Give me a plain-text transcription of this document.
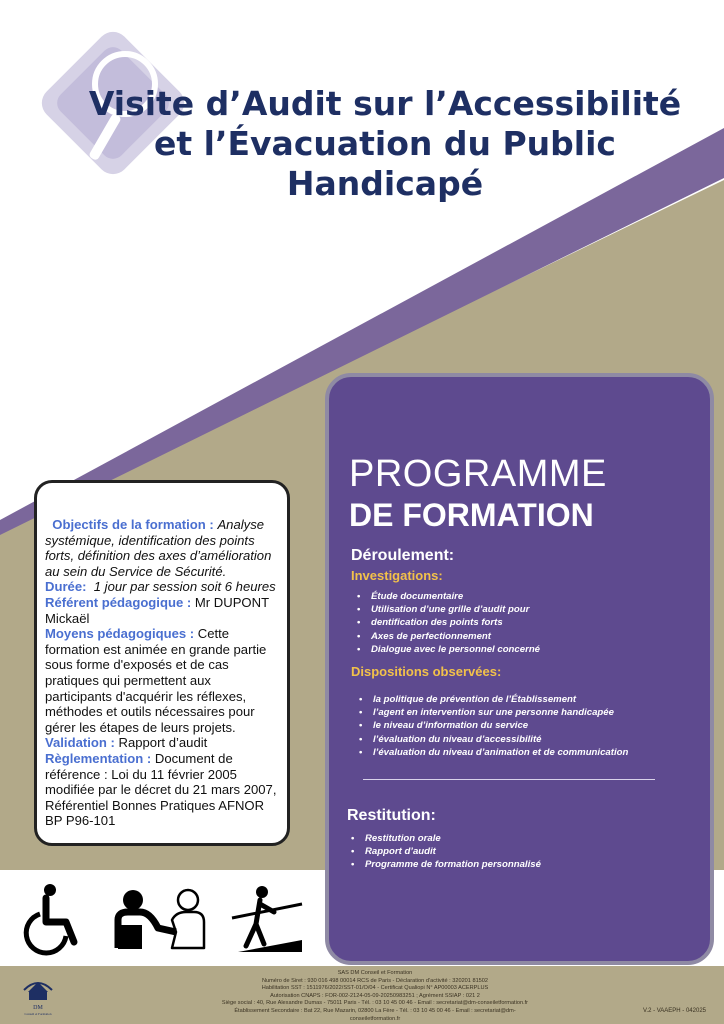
Visite d’Audit sur l’Accessibilité
et l’Évacuation du Public
Handicapé

Objectifs de la formation : Analyse systémique, identification des points forts, définition des axes d’amélioration au sein du Service de Sécurité.

Durée: 1 jour par session soit 6 heures

Référent pédagogique : Mr DUPONT Mickaël

Moyens pédagogiques : Cette formation est animée en grande partie sous forme d'exposés et de cas pratiques qui permettent aux participants d'acquérir les réflexes, méthodes et outils nécessaires pour gérer les étapes de leurs projets.

Validation : Rapport d’audit

Règlementation : Document de référence : Loi du 11 février 2005 modifiée par le décret du 21 mars 2007, Référentiel Bonnes Pratiques AFNOR BP P96-101

PROGRAMME
DE FORMATION
Déroulement:
Investigations:
• Étude documentaire
• Utilisation d’une grille d’audit pour
• dentification des points forts
• Axes de perfectionnement
• Dialogue avec le personnel concerné
Dispositions observées:
• la politique de prévention de l’Établissement
• l’agent en intervention sur une personne handicapée
• le niveau d’information du service
• l’évaluation du niveau d’accessibilité
• l’évaluation du niveau d’animation et de communication
Restitution:
• Restitution orale
• Rapport d’audit
• Programme de formation personnalisé
DM
Conseil et Formation
SAS DM Conseil et Formation
Numéro de Siret : 930 016 498 00014 RCS de Paris - Déclaration d’activité : 320201 81502
Habilitation SST : 1511976/2022/SST-01/O/04 - Certificat Qualiopi N° AP00003 ACERPLUS
Autorisation CNAPS : FOR-002-2124-05-09-20250983251 ; Agrément SSIAP : 021 2
Siège social : 40, Rue Alexandre Dumas - 75011 Paris - Tél. : 03 10 45 00 46 - Email : secretariat@dm-conseiletformation.fr
Établissement Secondaire : Bat 22, Rue Mazarin, 02800 La Fère - Tél. : 03 10 45 00 46 - Email : secretariat@dm-conseiletformation.fr
V.2 - VAAEPH - 042025
